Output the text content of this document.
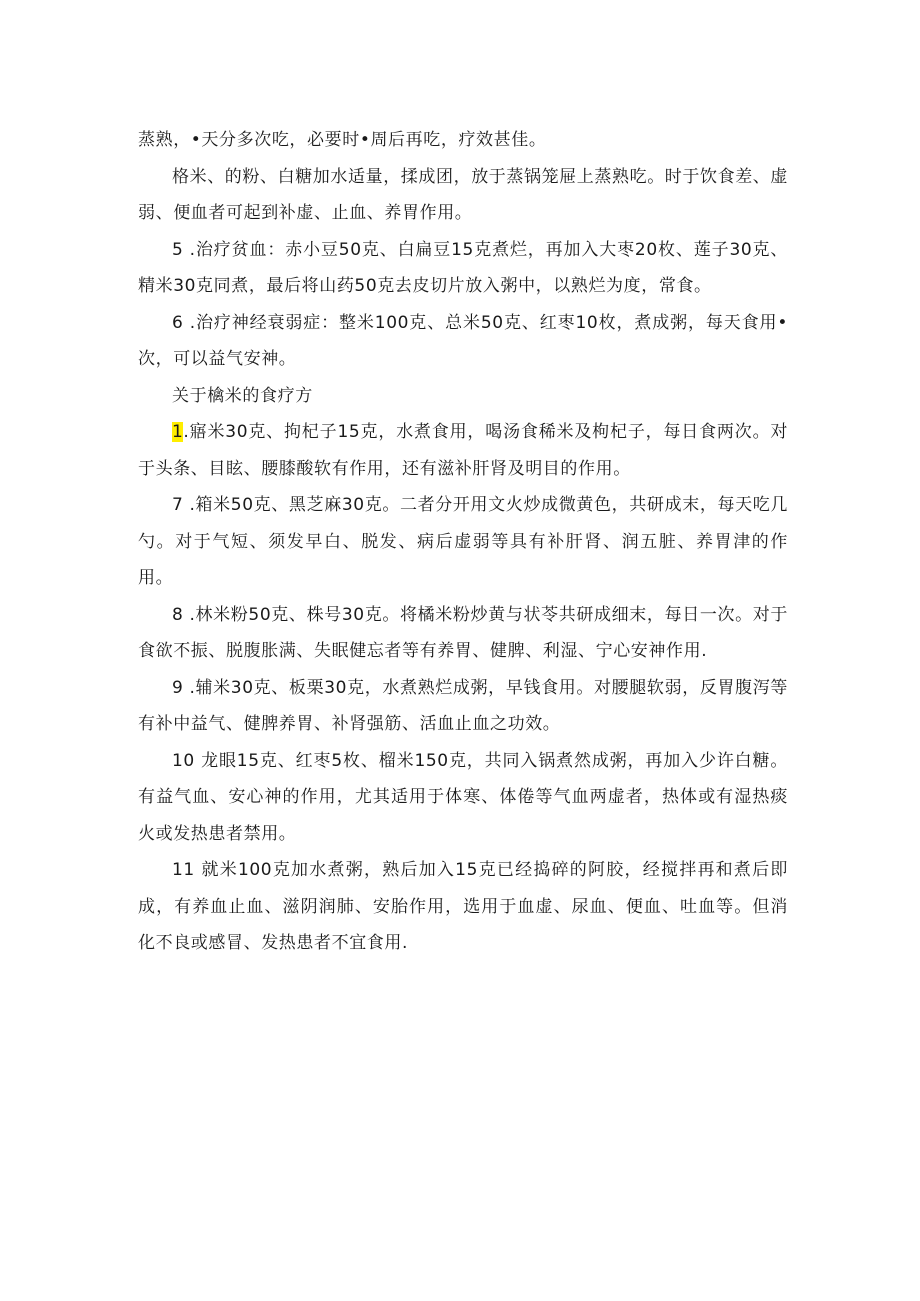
蒸熟，•天分多次吃，必要时•周后再吃，疗效甚佳。

格米、的粉、白糖加水适量，揉成团，放于蒸锅笼屉上蒸熟吃。时于饮食差、虚弱、便血者可起到补虚、止血、养胃作用。

5 .治疗贫血：赤小豆50克、白扁豆15克煮烂，再加入大枣20枚、莲子30克、精米30克同煮，最后将山药50克去皮切片放入粥中，以熟烂为度，常食。

6 .治疗神经衰弱症：整米100克、总米50克、红枣10枚，煮成粥，每天食用•次，可以益气安神。

关于檎米的食疗方

1.寤米30克、拘杞子15克，水煮食用，喝汤食稀米及枸杞子，每日食两次。对于头条、目眩、腰膝酸软有作用，还有滋补肝肾及明目的作用。

7 .箱米50克、黑芝麻30克。二者分开用文火炒成微黄色，共研成末，每天吃几勺。对于气短、须发早白、脱发、病后虚弱等具有补肝肾、润五脏、养胃津的作用。

8 .林米粉50克、株号30克。将橘米粉炒黄与状苓共研成细末，每日一次。对于食欲不振、脱腹胀满、失眠健忘者等有养胃、健脾、利湿、宁心安神作用.

9 .辅米30克、板栗30克，水煮熟烂成粥，早钱食用。对腰腿软弱，反胃腹泻等有补中益气、健脾养胃、补肾强筋、活血止血之功效。

10 龙眼15克、红枣5枚、榴米150克，共同入锅煮然成粥，再加入少许白糖。有益气血、安心神的作用，尤其适用于体寒、体倦等气血两虚者，热体或有湿热痰火或发热患者禁用。

11 就米100克加水煮粥，熟后加入15克已经捣碎的阿胶，经搅拌再和煮后即成，有养血止血、滋阴润肺、安胎作用，选用于血虚、尿血、便血、吐血等。但消化不良或感冒、发热患者不宜食用.
